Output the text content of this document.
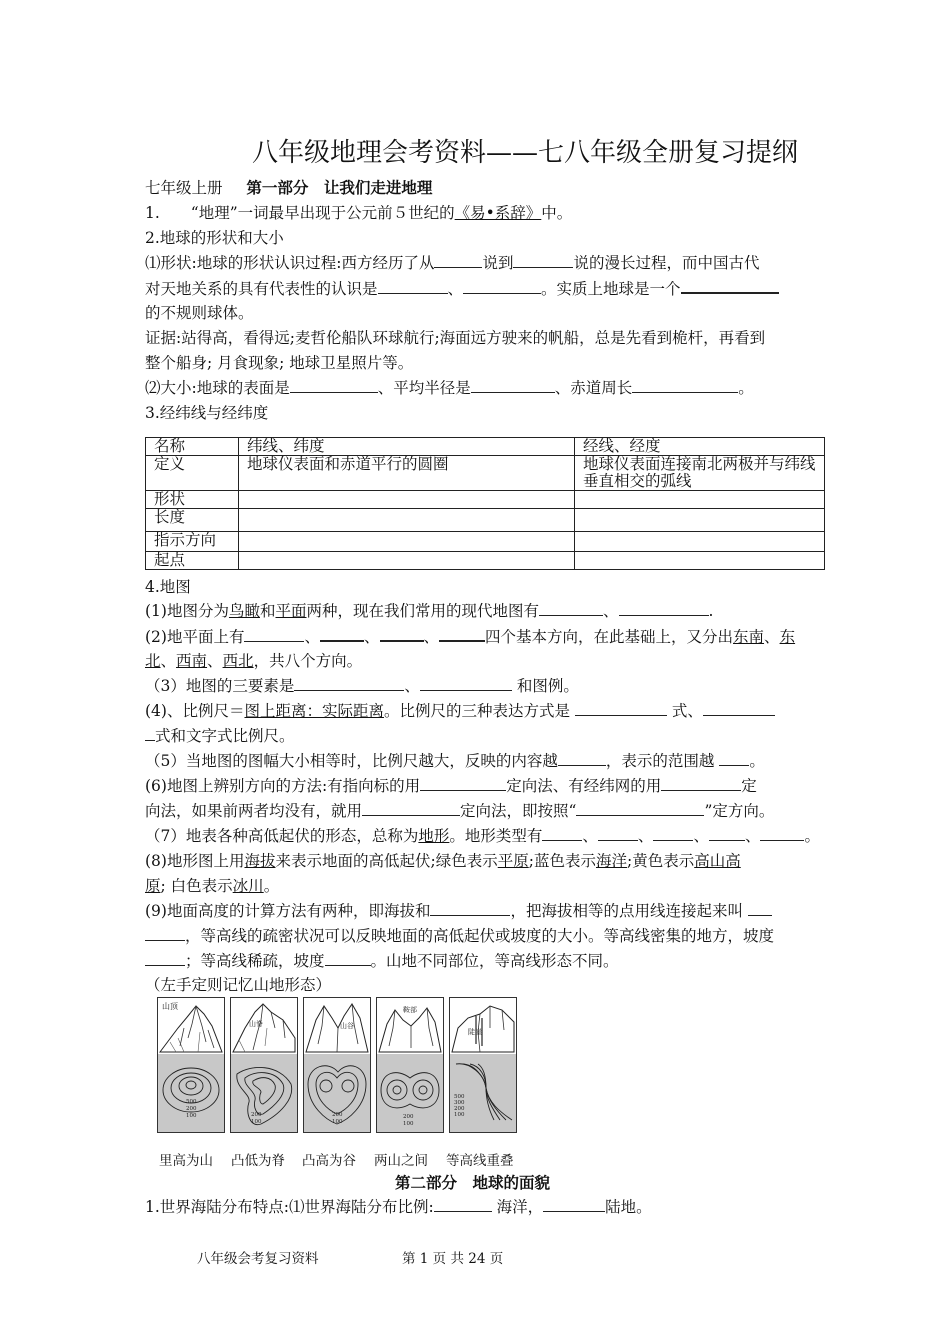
八年级地理会考资料——七八年级全册复习提纲
七年级上册 第一部分　让我们走进地理
1.　　“地理”一词最早出现于公元前５世纪的《易•系辞》中。
2.地球的形状和大小
⑴形状:地球的形状认识过程:西方经历了从	说到	说的漫长过程，而中国古代
对天地关系的具有代表性的认识是	、	。实质上地球是一个
的不规则球体。
证据:站得高，看得远;麦哲伦船队环球航行;海面远方驶来的帆船，总是先看到桅杆，再看到
整个船身; 月食现象; 地球卫星照片等。
⑵大小:地球的表面是	、平均半径是	、赤道周长	。
3.经纬线与经纬度
名称	纬线、纬度	经线、经度
定义	地球仪表面和赤道平行的圆圈	地球仪表面连接南北两极并与纬线垂直相交的弧线
形状		
长度		
指示方向		
起点		
4.地图
(1)地图分为鸟瞰和平面两种，现在我们常用的现代地图有	、	.
(2)地平面上有	、	、	、	四个基本方向，在此基础上，又分出东南、东
北、西南、西北，共八个方向。
（3）地图的三要素是	、	和图例。
(4)、比例尺＝图上距离：实际距离。比例尺的三种表达方式是	式、
式和文字式比例尺。
（5）当地图的图幅大小相等时，比例尺越大，反映的内容越	，表示的范围越 。
(6)地图上辨别方向的方法:有指向标的用	定向法、有经纬网的用	定
向法，如果前两者均没有，就用	定向法，即按照“	”定方向。
（7）地表各种高低起伏的形态，总称为地形。地形类型有	、	、	、 、	。
(8)地形图上用海拔来表示地面的高低起伏;绿色表示平原;蓝色表示海洋;黄色表示高山高
原; 白色表示冰川。
(9)地面高度的计算方法有两种，即海拔和	，把海拔相等的点用线连接起来叫
，等高线的疏密状况可以反映地面的高低起伏或坡度的大小。等高线密集的地方，坡度
；等高线稀疏，坡度	。山地不同部位，等高线形态不同。
（左手定则记忆山地形态）
山顶
500
200
100
山脊
200
100
山谷
200
100
鞍部
200
100
陡崖
500
300
200
100
里高为山 凸低为脊 凸高为谷 两山之间 等高线重叠
第二部分　地球的面貌
1.世界海陆分布特点:⑴世界海陆分布比例:	海洋，	陆地。
八年级会考复习资料	第 1 页 共 24 页
